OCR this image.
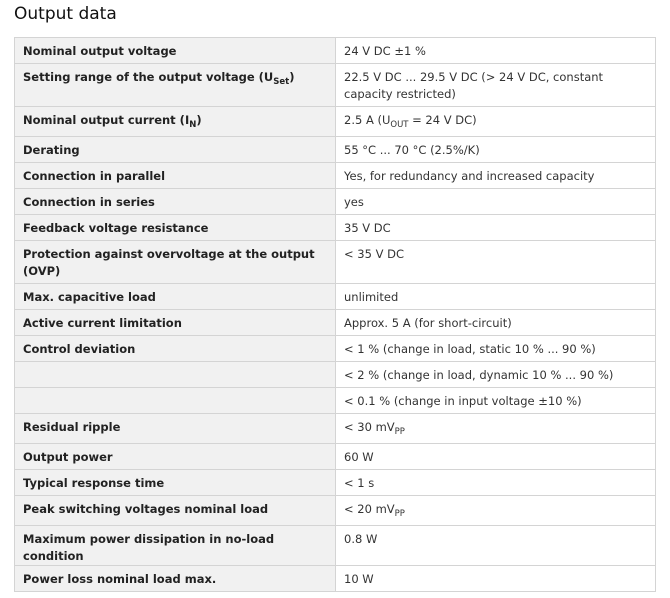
Output data
Nominal output voltage	24 V DC ±1 %

Setting range of the output voltage $(U_{Set})$	22.5 V DC ... 29.5 V DC (> 24 V DC, constant capacity restricted)

Nominal output current $(I_N)$	2.5 A ($U_{OUT} = 24$ V DC)

Derating	55 °C ... 70 °C (2.5%/K)

Connection in parallel	Yes, for redundancy and increased capacity

Connection in series	yes

Feedback voltage resistance	35 V DC

Protection against overvoltage at the output (OVP)	< 35 V DC

Max. capacitive load	unlimited

Active current limitation	Approx. 5 A (for short-circuit)

Control deviation	< 1 % (change in load, static 10 % ... 90 %)

	< 2 % (change in load, dynamic 10 % ... 90 %)

	< 0.1 % (change in input voltage ±10 %)

Residual ripple	< 30 $mV_{PP}$

Output power	60 W

Typical response time	< 1 s

Peak switching voltages nominal load	< 20 $mV_{PP}$

Maximum power dissipation in no-load condition	0.8 W

Power loss nominal load max.	10 W
